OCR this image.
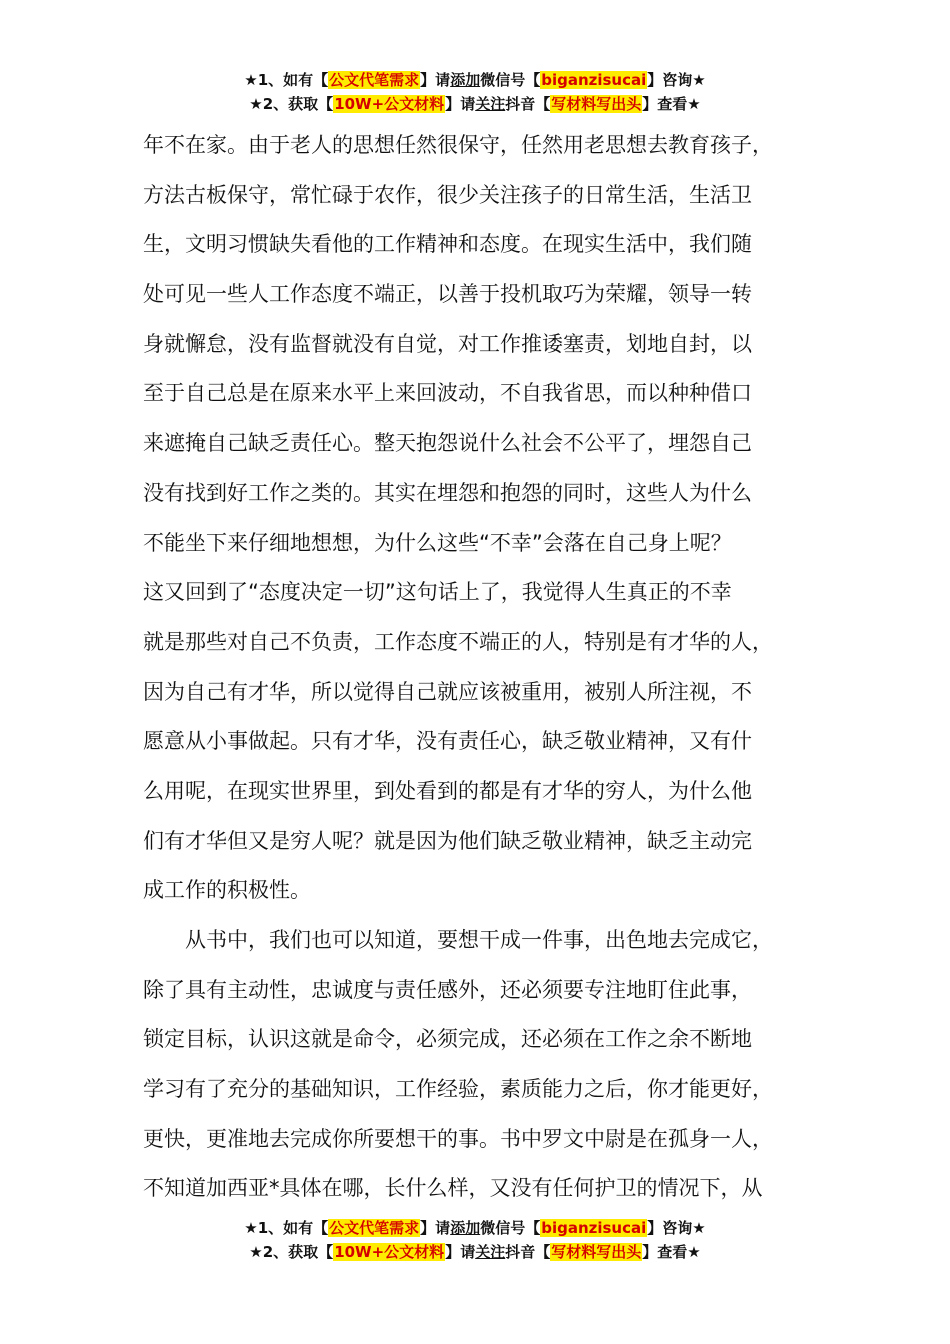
★1、如有【公文代笔需求】请添加微信号【biganzisucai】咨询★
★2、获取【10W+公文材料】请关注抖音【写材料写出头】查看★
年不在家。由于老人的思想任然很保守，任然用老思想去教育孩子，
方法古板保守，常忙碌于农作，很少关注孩子的日常生活，生活卫
生，文明习惯缺失看他的工作精神和态度。在现实生活中，我们随
处可见一些人工作态度不端正，以善于投机取巧为荣耀，领导一转
身就懈怠，没有监督就没有自觉，对工作推诿塞责，划地自封，以
至于自己总是在原来水平上来回波动，不自我省思，而以种种借口
来遮掩自己缺乏责任心。整天抱怨说什么社会不公平了，埋怨自己
没有找到好工作之类的。其实在埋怨和抱怨的同时，这些人为什么
不能坐下来仔细地想想，为什么这些“不幸”会落在自己身上呢？
这又回到了“态度决定一切”这句话上了，我觉得人生真正的不幸
就是那些对自己不负责，工作态度不端正的人，特别是有才华的人，
因为自己有才华，所以觉得自己就应该被重用，被别人所注视，不
愿意从小事做起。只有才华，没有责任心，缺乏敬业精神，又有什
么用呢，在现实世界里，到处看到的都是有才华的穷人，为什么他
们有才华但又是穷人呢？就是因为他们缺乏敬业精神，缺乏主动完
成工作的积极性。
从书中，我们也可以知道，要想干成一件事，出色地去完成它，
除了具有主动性，忠诚度与责任感外，还必须要专注地盯住此事，
锁定目标，认识这就是命令，必须完成，还必须在工作之余不断地
学习有了充分的基础知识，工作经验，素质能力之后，你才能更好，
更快，更准地去完成你所要想干的事。书中罗文中尉是在孤身一人，
不知道加西亚*具体在哪，长什么样，又没有任何护卫的情况下，从
★1、如有【公文代笔需求】请添加微信号【biganzisucai】咨询★
★2、获取【10W+公文材料】请关注抖音【写材料写出头】查看★
